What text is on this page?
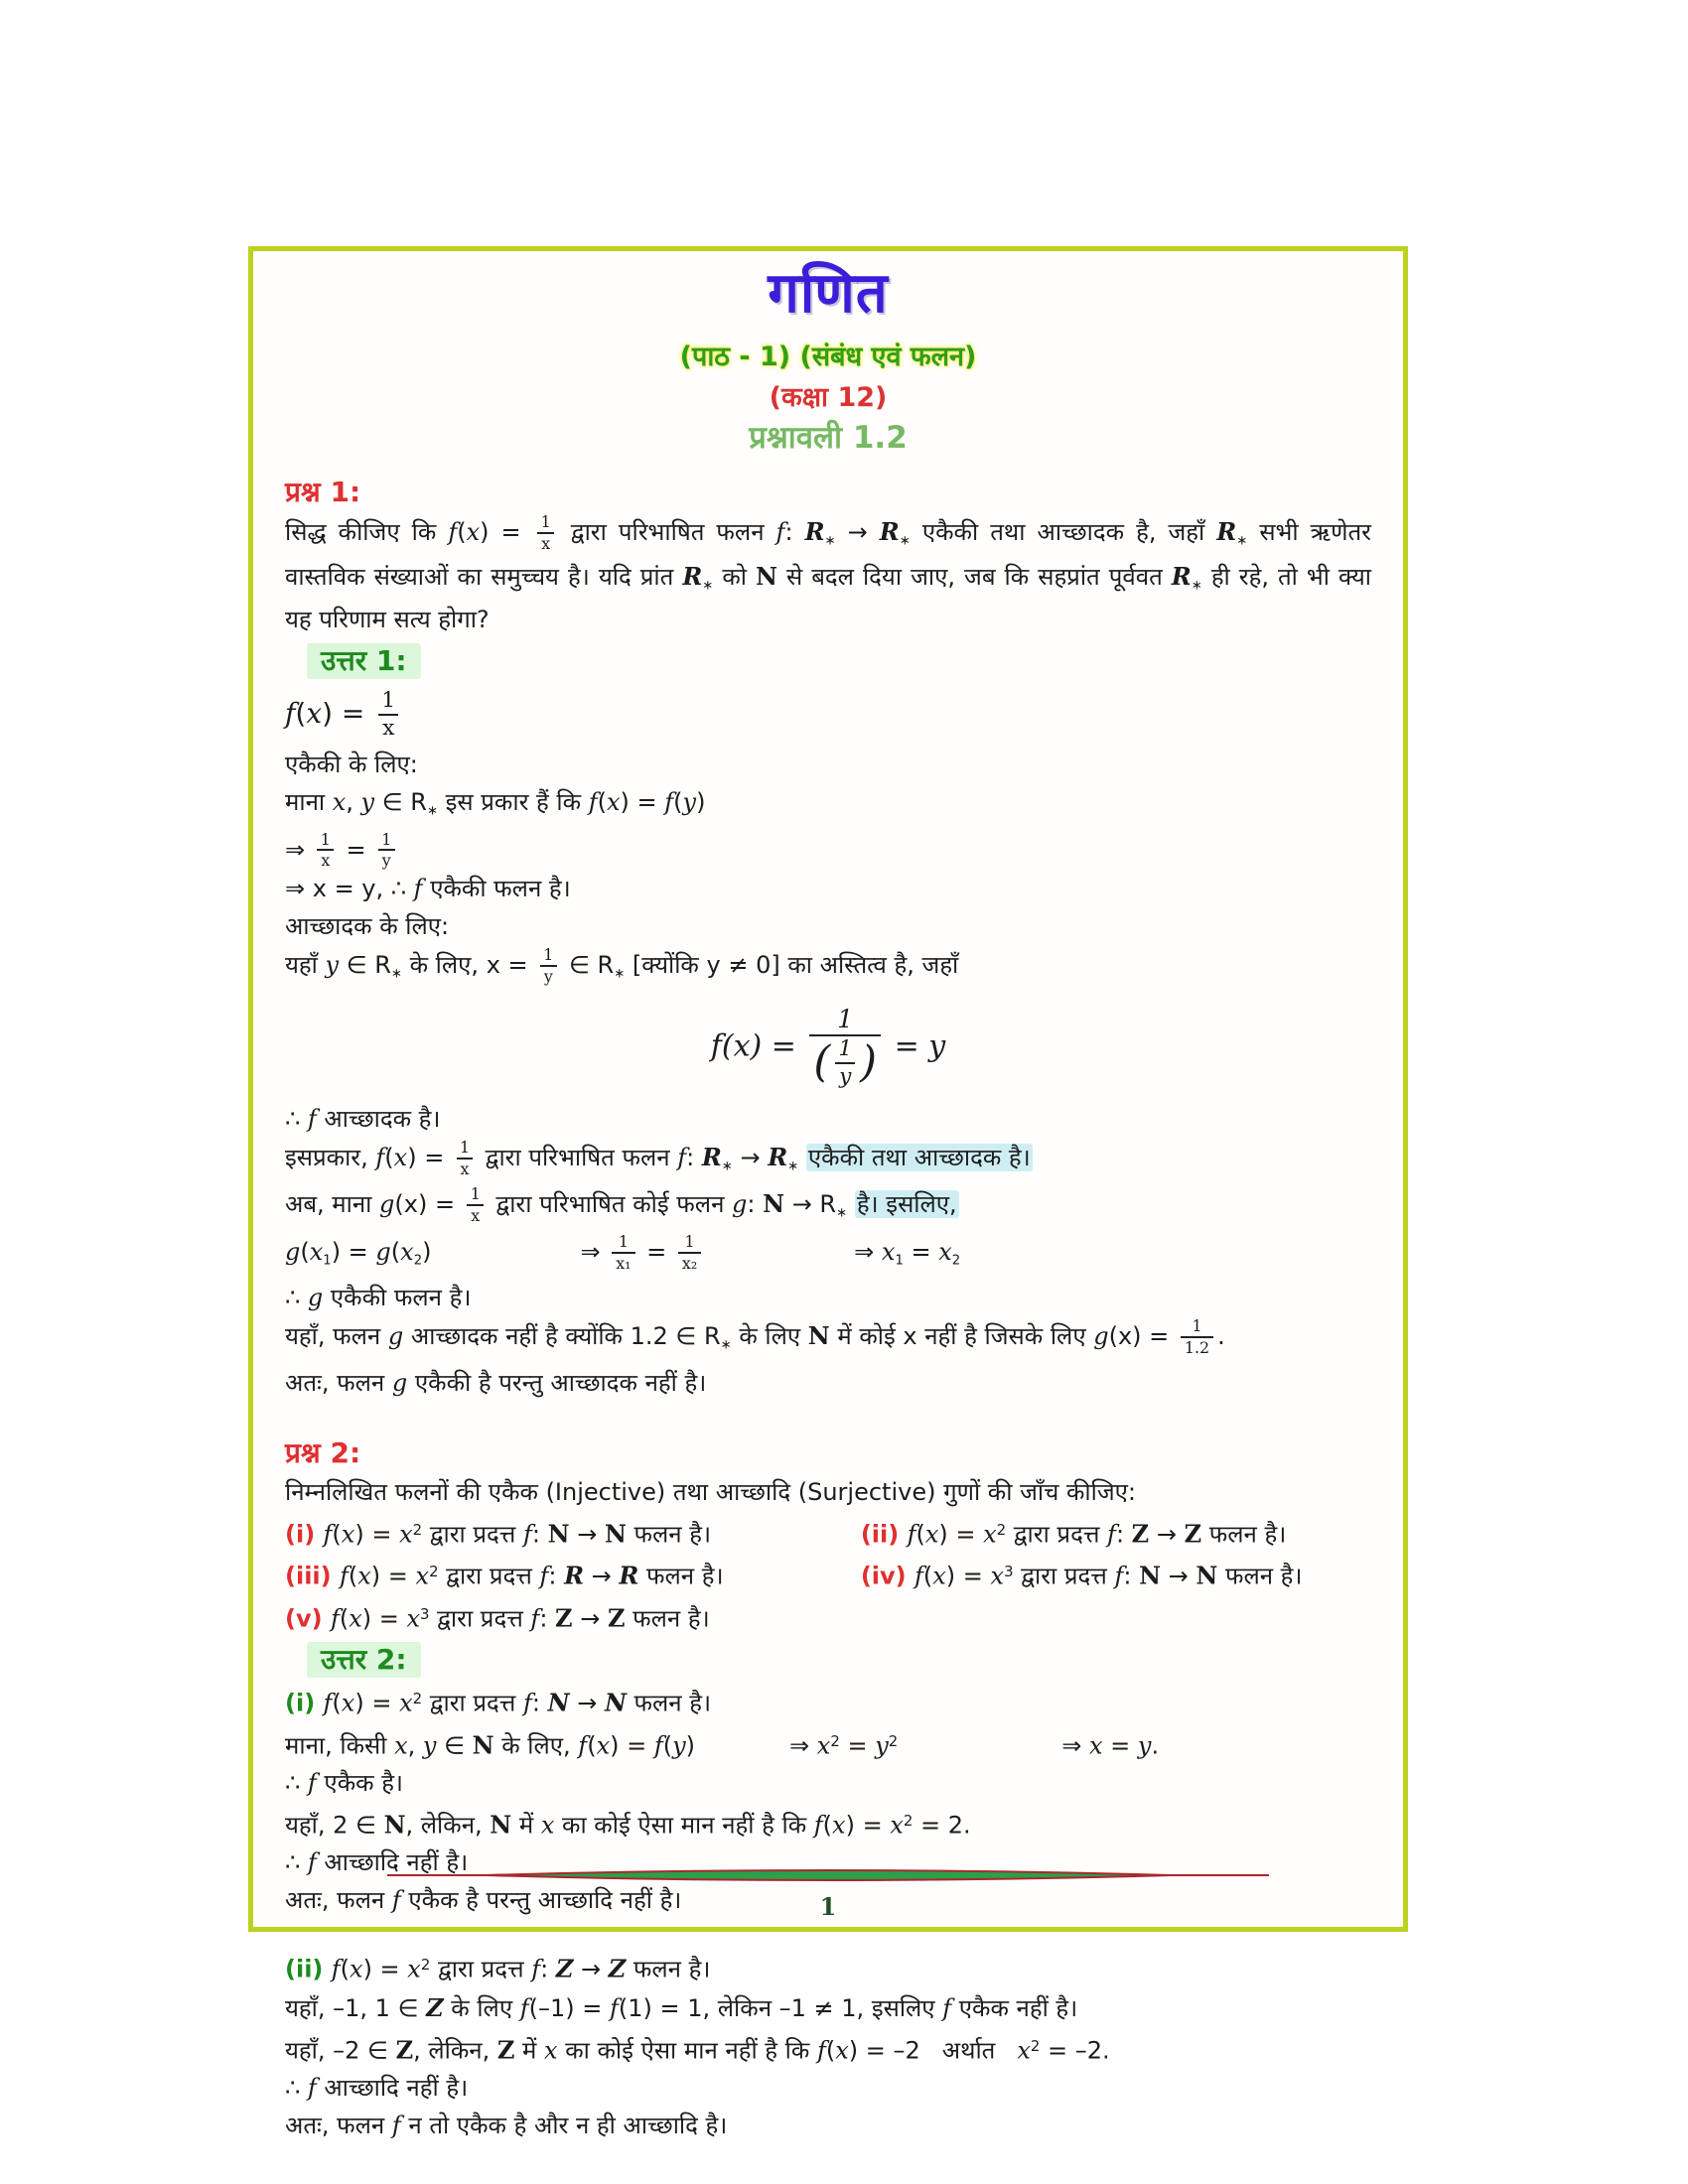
गणित
(पाठ - 1) (संबंध एवं फलन)
(कक्षा 12)
प्रश्नावली 1.2
प्रश्न 1:
सिद्ध कीजिए कि $f(x) = \frac{1}{x}$ द्वारा परिभाषित फलन f: R∗ → R∗ एकैकी तथा आच्छादक है, जहाँ R∗ सभी ऋणेतर वास्तविक संख्याओं का समुच्चय है। यदि प्रांत R∗ को N से बदल दिया जाए, जब कि सहप्रांत पूर्ववत R∗ ही रहे, तो भी क्या यह परिणाम सत्य होगा?
उत्तर 1:
$f(x) = \frac{1}{x}$
एकैकी के लिए:
माना x, y ∈ R∗ इस प्रकार हैं कि f(x) = f(y)
⇒ $\frac{1}{x} = \frac{1}{y}$
⇒ x = y, ∴ f एकैकी फलन है।
आच्छादक के लिए:
यहाँ y ∈ R∗ के लिए, $x = \frac{1}{y}$ ∈ R∗ [क्योंकि y ≠ 0] का अस्तित्व है, जहाँ
$f(x) = \frac{1}{( \frac{1}{y} )} = y$
∴ f आच्छादक है।
इसप्रकार, $f(x) = \frac{1}{x}$ द्वारा परिभाषित फलन f: R∗ → R∗ एकैकी तथा आच्छादक है।
अब, माना $g(x) = \frac{1}{x}$ द्वारा परिभाषित कोई फलन g: N → R∗ है। इसलिए,
g(x1) = g(x2)	⇒ $\frac{1}{\text{x₁}} = \frac{1}{\text{x₂}}$	⇒ x1 = x2
∴ g एकैकी फलन है।
यहाँ, फलन g आच्छादक नहीं है क्योंकि 1.2 ∈ R∗ के लिए N में कोई x नहीं है जिसके लिए $g(x) = \frac{1}{1.2}$ .
अतः, फलन g एकैकी है परन्तु आच्छादक नहीं है।
प्रश्न 2:
निम्नलिखित फलनों की एकैक (Injective) तथा आच्छादि (Surjective) गुणों की जाँच कीजिए:
(i) $f(x) = x^2$ द्वारा प्रदत्त f: N → N फलन है।	(ii) $f(x) = x^2$ द्वारा प्रदत्त f: Z → Z फलन है।
(iii) $f(x) = x^2$ द्वारा प्रदत्त f: R → R फलन है।	(iv) $f(x) = x^3$ द्वारा प्रदत्त f: N → N फलन है।
(v) $f(x) = x^3$ द्वारा प्रदत्त f: Z → Z फलन है।
उत्तर 2:
(i) $f(x) = x^2$ द्वारा प्रदत्त f: N → N फलन है।
माना, किसी x, y ∈ N के लिए, f(x) = f(y)	⇒ $x^2 = y^2$	⇒ x = y.
∴ f एकैक है।
यहाँ, 2 ∈ N, लेकिन, N में x का कोई ऐसा मान नहीं है कि $f(x) = x^2 = 2$.
∴ f आच्छादि नहीं है।
अतः, फलन f एकैक है परन्तु आच्छादि नहीं है।
(ii) $f(x) = x^2$ द्वारा प्रदत्त f: Z → Z फलन है।
यहाँ, –1, 1 ∈ Z के लिए f(–1) = f(1) = 1, लेकिन –1 ≠ 1, इसलिए f एकैक नहीं है।
यहाँ, –2 ∈ Z, लेकिन, Z में x का कोई ऐसा मान नहीं है कि f(x) = –2 अर्थात $x^2 = -2$.
∴ f आच्छादि नहीं है।
अतः, फलन f न तो एकैक है और न ही आच्छादि है।
1
